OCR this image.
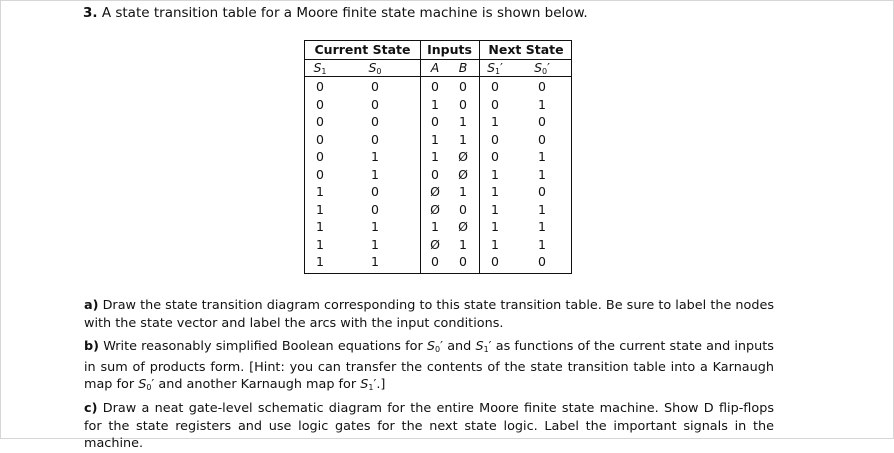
3. A state transition table for a Moore finite state machine is shown below.
Current State	Inputs	Next State
$S_1$	$S_0$	A	B	$S_1'$	$S_0'$
0	0	0	0	0	0
0	0	1	0	0	1
0	0	0	1	1	0
0	0	1	1	0	0
0	1	1	Ø	0	1
0	1	0	Ø	1	1
1	0	Ø	1	1	0
1	0	Ø	0	1	1
1	1	1	Ø	1	1
1	1	Ø	1	1	1
1	1	0	0	0	0
a) Draw the state transition diagram corresponding to this state transition table. Be sure to label the nodes with the state vector and label the arcs with the input conditions.
b) Write reasonably simplified Boolean equations for $S_0'$ and $S_1'$ as functions of the current state and inputs in sum of products form. [Hint: you can transfer the contents of the state transition table into a Karnaugh map for $S_0'$ and another Karnaugh map for $S_1'$.]
c) Draw a neat gate-level schematic diagram for the entire Moore finite state machine. Show D flip-flops for the state registers and use logic gates for the next state logic. Label the important signals in the machine.
